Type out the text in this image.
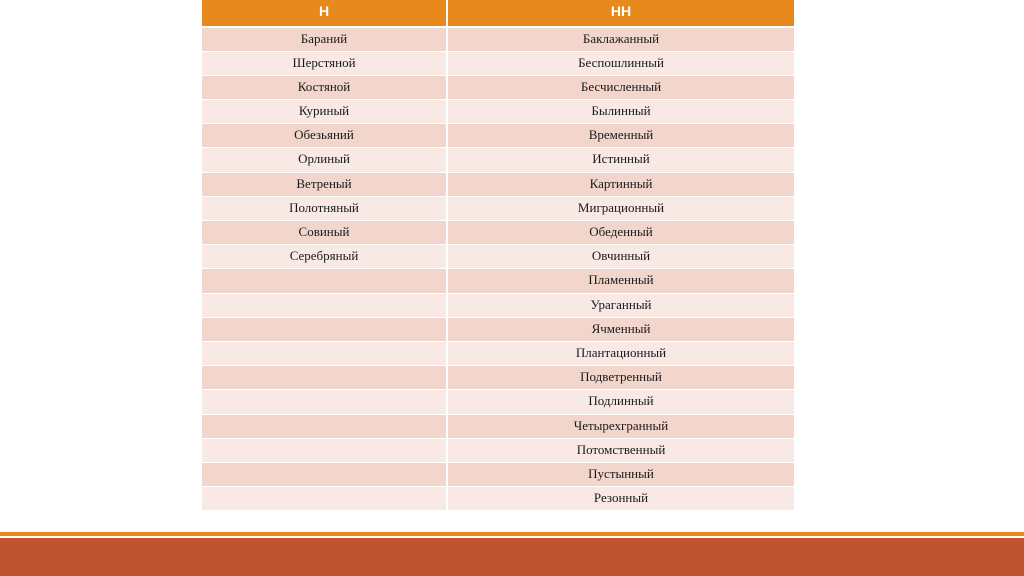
Н	НН
Бараний	Баклажанный
Шерстяной	Беспошлинный
Костяной	Бесчисленный
Куриный	Былинный
Обезьяний	Временный
Орлиный	Истинный
Ветреный	Картинный
Полотняный	Миграционный
Совиный	Обеденный
Серебряный	Овчинный
	Пламенный
	Ураганный
	Ячменный
	Плантационный
	Подветренный
	Подлинный
	Четырехгранный
	Потомственный
	Пустынный
	Резонный
